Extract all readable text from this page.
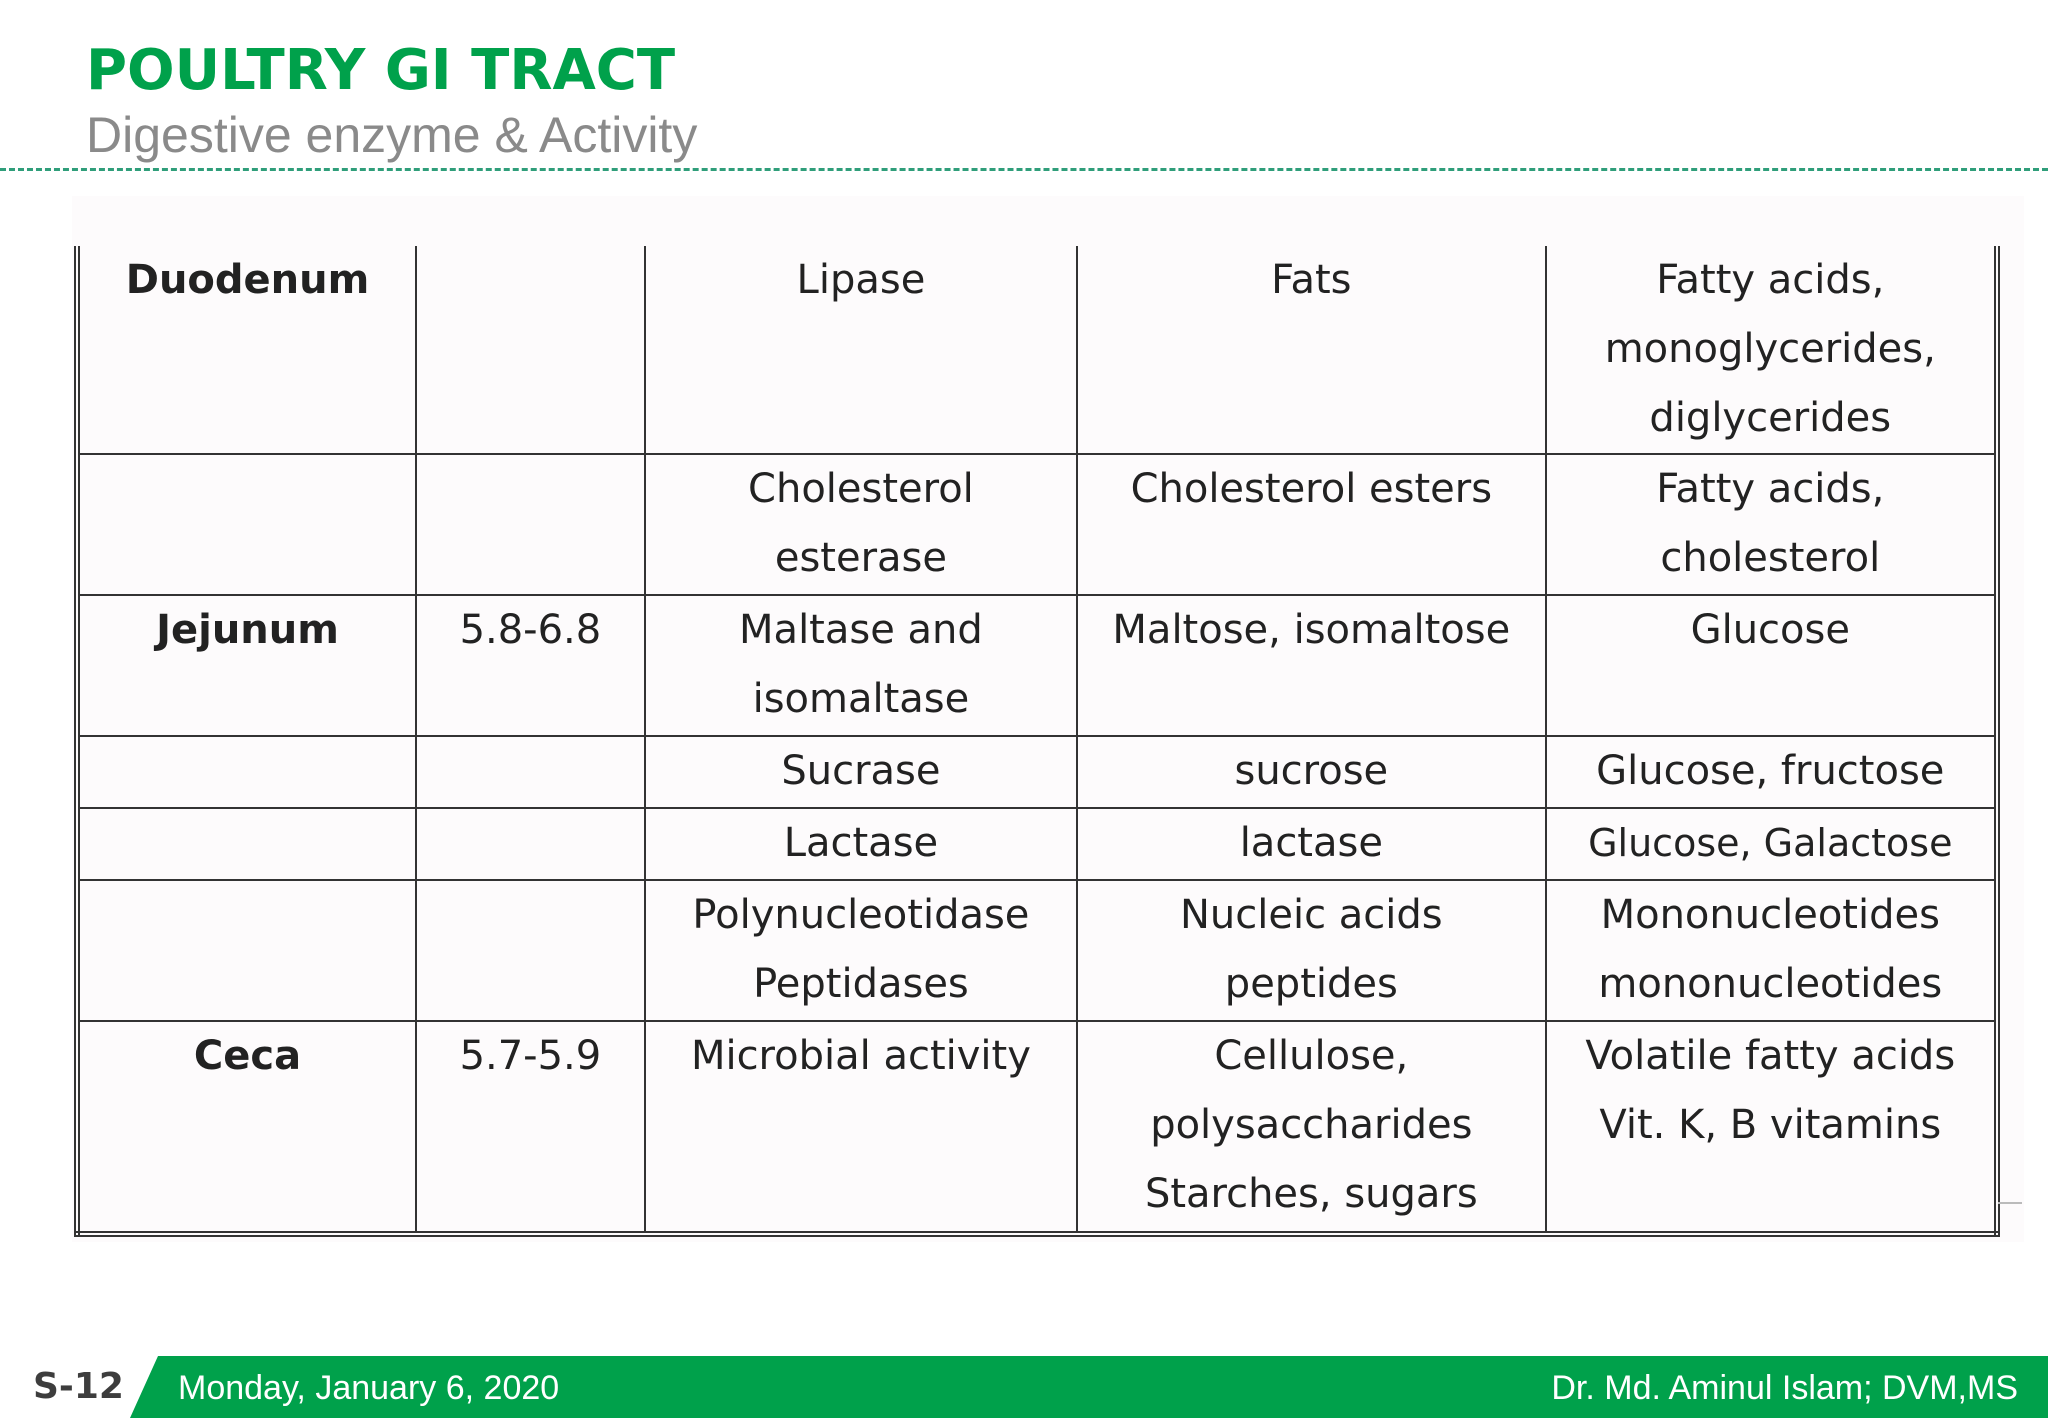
POULTRY GI TRACT
Digestive enzyme & Activity
Duodenum		Lipase	Fats	Fatty acids, monoglycerides, diglycerides
		Cholesterol esterase	Cholesterol esters	Fatty acids, cholesterol
Jejunum	5.8-6.8	Maltase and isomaltase	Maltose, isomaltose	Glucose
		Sucrase	sucrose	Glucose, fructose
		Lactase	lactase	Glucose, Galactose
		Polynucleotidase Peptidases	Nucleic acids peptides	Mononucleotides mononucleotides
Ceca	5.7-5.9	Microbial activity	Cellulose, polysaccharides Starches, sugars	Volatile fatty acids Vit. K, B vitamins
S-12 Monday, January 6, 2020	Dr. Md. Aminul Islam; DVM,MS
